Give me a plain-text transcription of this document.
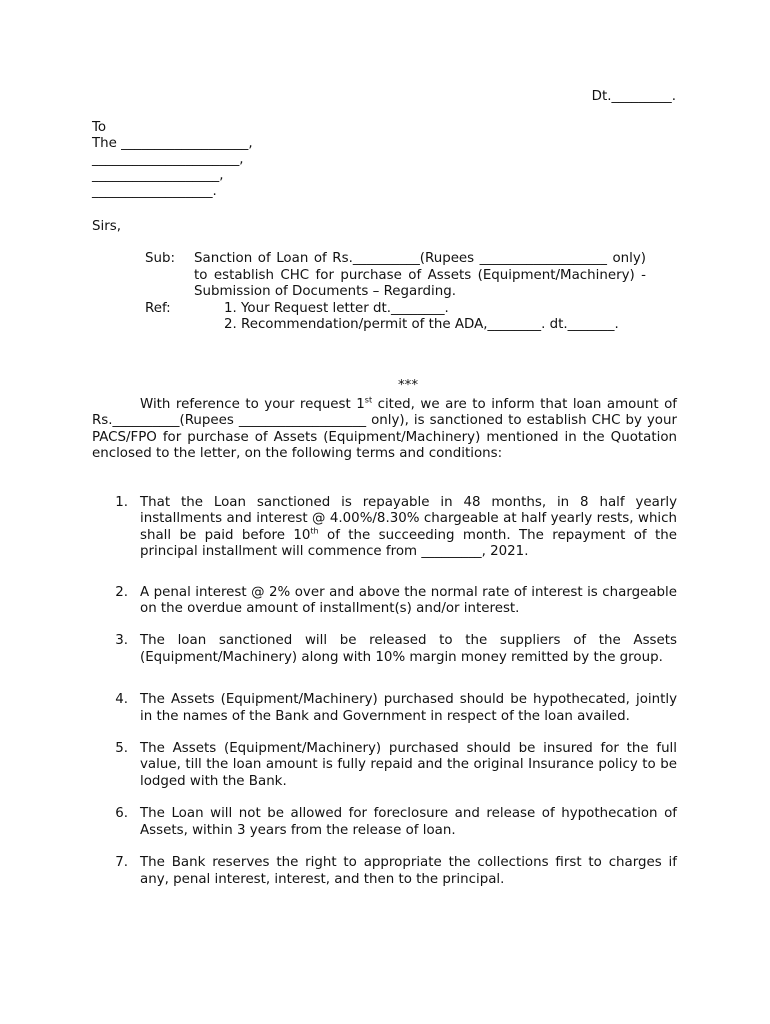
Dt._________.
To
The ___________________,
______________________,
___________________,
__________________.
Sirs,
Sub:	Sanction of Loan of Rs.__________(Rupees ___________________ only) to establish CHC for purchase of Assets (Equipment/Machinery) - Submission of Documents – Regarding.
Ref:	1. Your Request letter dt.________.
2. Recommendation/permit of the ADA,________. dt._______.
***
With reference to your request 1st cited, we are to inform that loan amount of Rs.__________(Rupees ___________________ only), is sanctioned to establish CHC by your PACS/FPO for purchase of Assets (Equipment/Machinery) mentioned in the Quotation enclosed to the letter, on the following terms and conditions:
1. That the Loan sanctioned is repayable in 48 months, in 8 half yearly installments and interest @ 4.00%/8.30% chargeable at half yearly rests, which shall be paid before 10th of the succeeding month. The repayment of the principal installment will commence from _________, 2021.
2. A penal interest @ 2% over and above the normal rate of interest is chargeable on the overdue amount of installment(s) and/or interest.
3. The loan sanctioned will be released to the suppliers of the Assets (Equipment/Machinery) along with 10% margin money remitted by the group.
4. The Assets (Equipment/Machinery) purchased should be hypothecated, jointly in the names of the Bank and Government in respect of the loan availed.
5. The Assets (Equipment/Machinery) purchased should be insured for the full value, till the loan amount is fully repaid and the original Insurance policy to be lodged with the Bank.
6. The Loan will not be allowed for foreclosure and release of hypothecation of Assets, within 3 years from the release of loan.
7. The Bank reserves the right to appropriate the collections first to charges if any, penal interest, interest, and then to the principal.
